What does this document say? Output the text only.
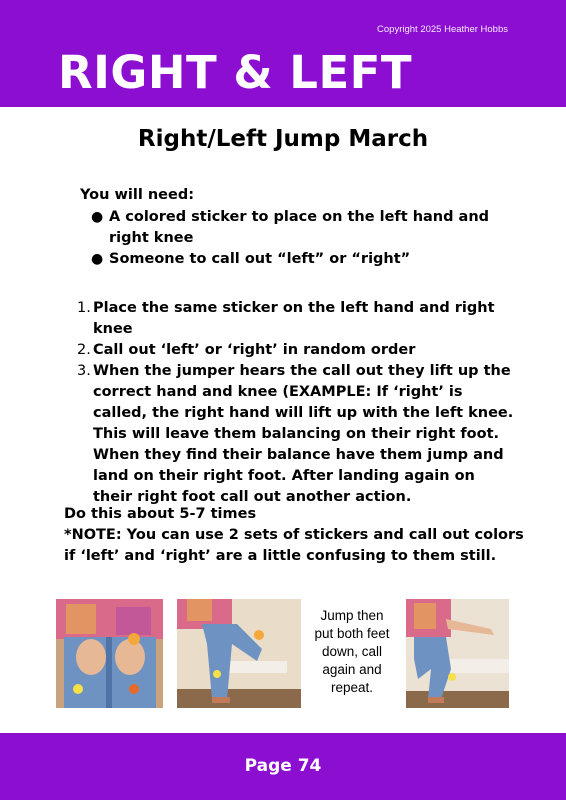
Copyright 2025 Heather Hobbs
RIGHT & LEFT
Right/Left Jump March
You will need:
● A colored sticker to place on the left hand and right knee
● Someone to call out “left” or “right”
1. Place the same sticker on the left hand and right knee
2. Call out ‘left’ or ‘right’ in random order
3. When the jumper hears the call out they lift up the correct hand and knee (EXAMPLE: If ‘right’ is called, the right hand will lift up with the left knee. This will leave them balancing on their right foot. When they find their balance have them jump and land on their right foot. After landing again on their right foot call out another action.
Do this about 5-7 times
*NOTE: You can use 2 sets of stickers and call out colors if ‘left’ and ‘right’ are a little confusing to them still.
Jump then put both feet down, call again and repeat.
Page 74
